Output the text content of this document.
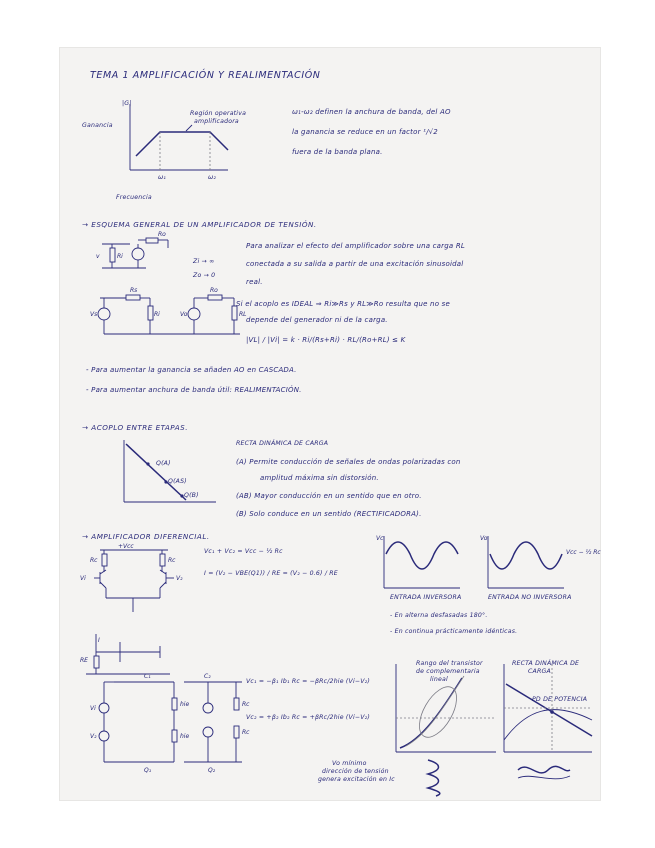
TEMA 1 AMPLIFICACIÓN Y REALIMENTACIÓN
|G|
Ganancia
Región operativa
amplificadora
ω₁	ω₂
Frecuencia
ω₁-ω₂ definen la anchura de banda, del AO
la ganancia se reduce en un factor ¹/√2
fuera de la banda plana.
→ ESQUEMA GENERAL DE UN AMPLIFICADOR DE TENSIÓN.
Ro
v	Ri
Rs	Ro
Vs	Ri	Vo	RL
Zi → ∞
Zo → 0
Para analizar el efecto del amplificador sobre una carga RL
conectada a su salida a partir de una excitación sinusoidal
real.
Si el acoplo es IDEAL ⇒ Ri≫Rs y RL≫Ro resulta que no se
depende del generador ni de la carga.
|VL| / |Vi| = k · Ri/(Rs+Ri) · RL/(Ro+RL) ≤ K
- Para aumentar la ganancia se añaden AO en CASCADA.
- Para aumentar anchura de banda útil: REALIMENTACIÓN.
→ ACOPLO ENTRE ETAPAS.
Q(A)
Q(AS)
Q(B)
RECTA DINÁMICA DE CARGA
(A) Permite conducción de señales de ondas polarizadas con
amplitud máxima sin distorsión.
(AB) Mayor conducción en un sentido que en otro.
(B) Solo conduce en un sentido (RECTIFICADORA).
→ AMPLIFICADOR DIFERENCIAL.
+Vcc
Rc	Rc
Vi	V₂
RE
I
Vc₁ + Vc₂ = Vcc − ½ Rc
I = (V₂ − VBE(Q1)) / RE = (V₂ − 0.6) / RE
Vc	Vo
Vcc − ½ Rc
ENTRADA INVERSORA	ENTRADA NO INVERSORA
- En alterna desfasadas 180°.
- En continua prácticamente idénticas.
C₁	C₂
Vi
V₂
hie
hie
Rc
Rc
Q₁	Q₂
Vc₁ = −β₁ Ib₁ Rc = −βRc/2hie (Vi−V₂)
Vc₂ = +β₂ Ib₂ Rc = +βRc/2hie (Vi−V₂)
Rango del transistor
de complementaria
lineal
RECTA DINÁMICA DE
CARGA
PD DE POTENCIA
Vo mínimo
dirección de tensión
genera excitación en Ic
